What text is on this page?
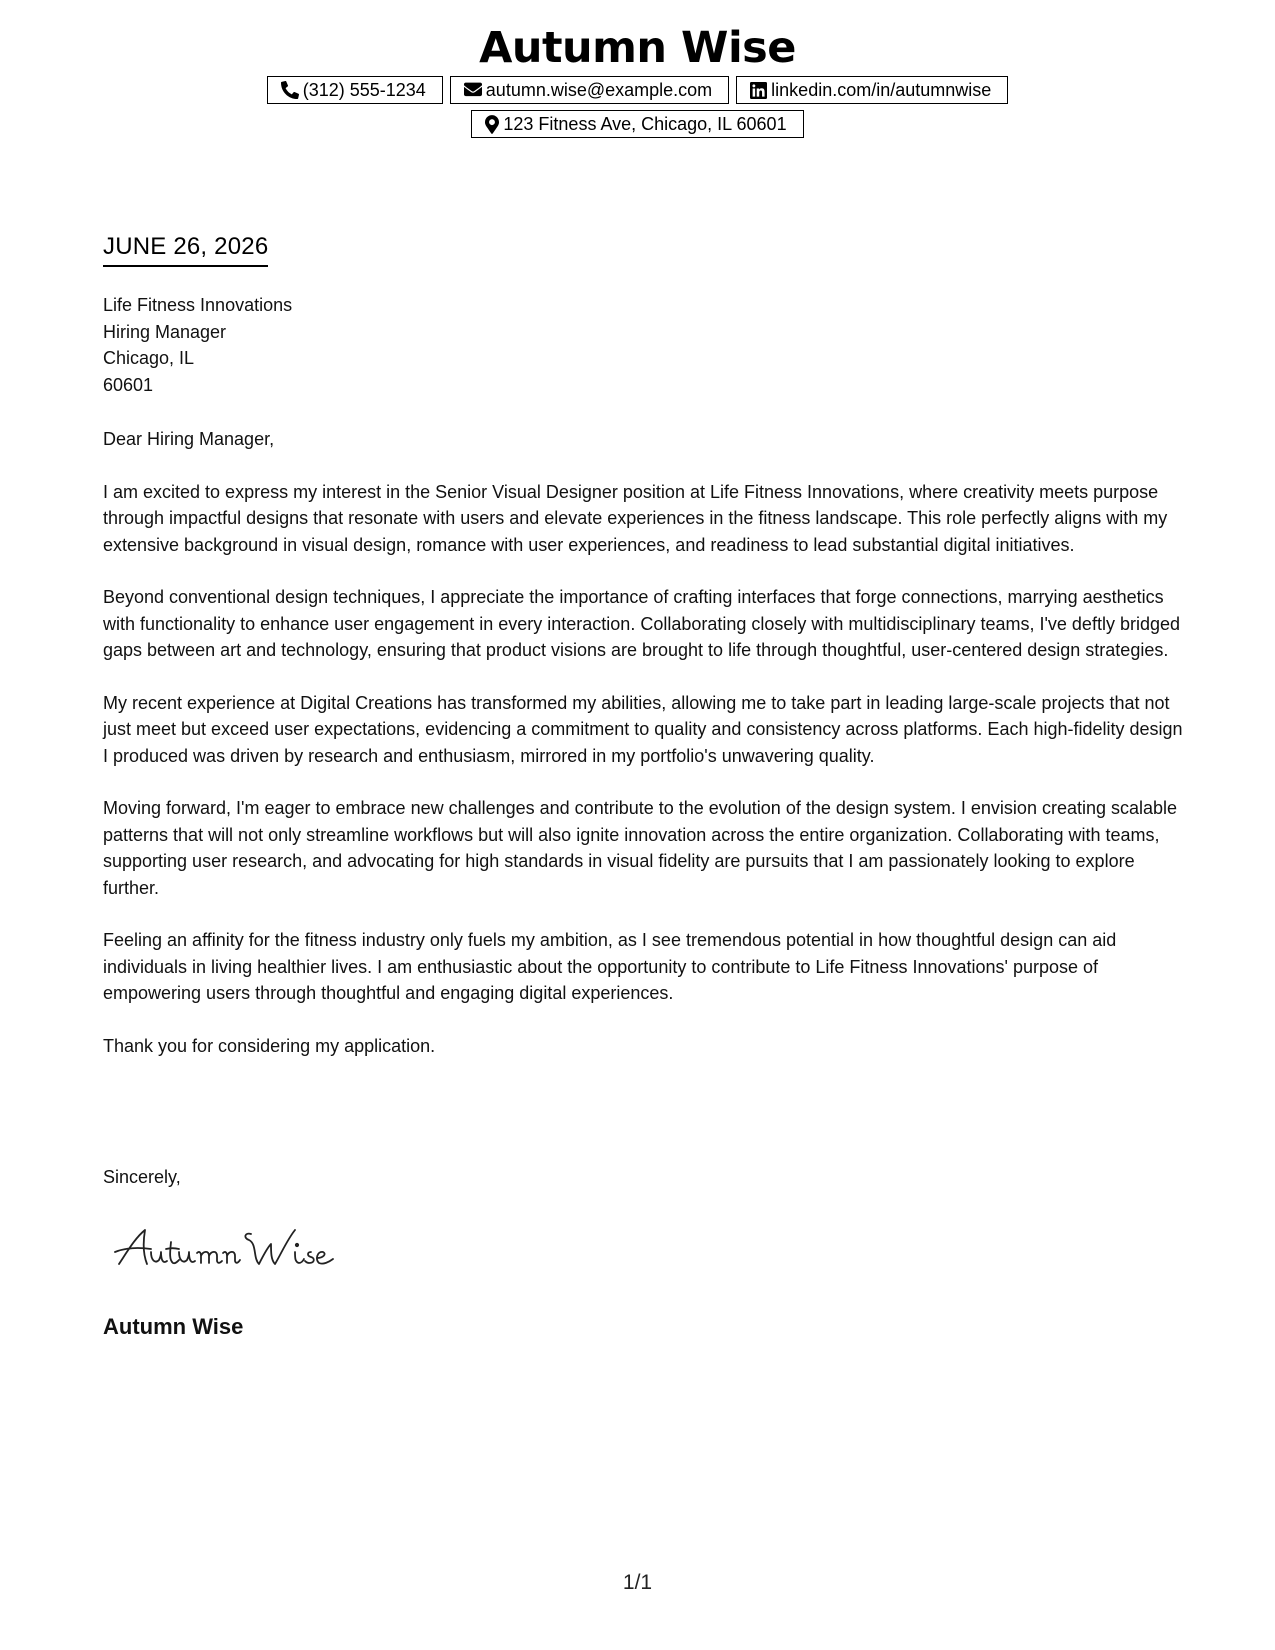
Autumn Wise
(312) 555-1234	autumn.wise@example.com	linkedin.com/in/autumnwise
123 Fitness Ave, Chicago, IL 60601
JUNE 26, 2026
Life Fitness Innovations
Hiring Manager
Chicago, IL
60601

Dear Hiring Manager,

I am excited to express my interest in the Senior Visual Designer position at Life Fitness Innovations, where creativity meets purpose through impactful designs that resonate with users and elevate experiences in the fitness landscape. This role perfectly aligns with my extensive background in visual design, romance with user experiences, and readiness to lead substantial digital initiatives.

Beyond conventional design techniques, I appreciate the importance of crafting interfaces that forge connections, marrying aesthetics with functionality to enhance user engagement in every interaction. Collaborating closely with multidisciplinary teams, I've deftly bridged gaps between art and technology, ensuring that product visions are brought to life through thoughtful, user-centered design strategies.

My recent experience at Digital Creations has transformed my abilities, allowing me to take part in leading large-scale projects that not just meet but exceed user expectations, evidencing a commitment to quality and consistency across platforms. Each high-fidelity design I produced was driven by research and enthusiasm, mirrored in my portfolio's unwavering quality.

Moving forward, I'm eager to embrace new challenges and contribute to the evolution of the design system. I envision creating scalable patterns that will not only streamline workflows but will also ignite innovation across the entire organization. Collaborating with teams, supporting user research, and advocating for high standards in visual fidelity are pursuits that I am passionately looking to explore further.

Feeling an affinity for the fitness industry only fuels my ambition, as I see tremendous potential in how thoughtful design can aid individuals in living healthier lives. I am enthusiastic about the opportunity to contribute to Life Fitness Innovations' purpose of empowering users through thoughtful and engaging digital experiences.

Thank you for considering my application.

Sincerely,
Autumn Wise
1/1
